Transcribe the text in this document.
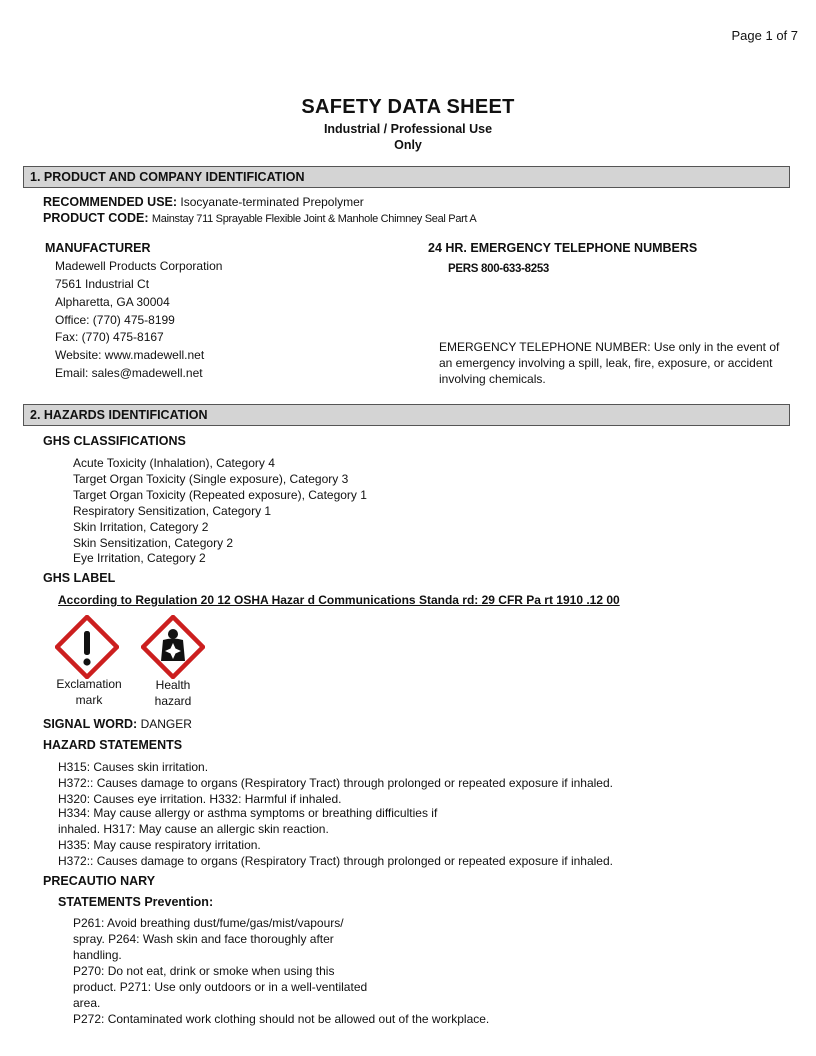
Page 1 of 7
SAFETY DATA SHEET
Industrial / Professional Use
Only
1. PRODUCT AND COMPANY IDENTIFICATION
RECOMMENDED USE: Isocyanate-terminated Prepolymer
PRODUCT CODE: Mainstay 711 Sprayable Flexible Joint & Manhole Chimney Seal Part A
MANUFACTURER
Madewell Products Corporation
7561 Industrial Ct
Alpharetta, GA 30004
Office: (770) 475-8199
Fax: (770) 475-8167
Website: www.madewell.net
Email: sales@madewell.net
24 HR. EMERGENCY TELEPHONE NUMBERS
PERS 800-633-8253
EMERGENCY TELEPHONE NUMBER: Use only in the event of an emergency involving a spill, leak, fire, exposure, or accident involving chemicals.
2. HAZARDS IDENTIFICATION
GHS CLASSIFICATIONS
Acute Toxicity (Inhalation), Category 4
Target Organ Toxicity (Single exposure), Category 3
Target Organ Toxicity (Repeated exposure), Category 1
Respiratory Sensitization, Category 1
Skin Irritation, Category 2
Skin Sensitization, Category 2
Eye Irritation, Category 2
GHS LABEL
According to Regulation 20 12 OSHA Hazar d Communications Standa rd: 29 CFR Pa rt 1910 .12 00
Exclamation
mark
Health
hazard
SIGNAL WORD: DANGER
HAZARD STATEMENTS
H315: Causes skin irritation.
H372:: Causes damage to organs (Respiratory Tract) through prolonged or repeated exposure if inhaled.
H320: Causes eye irritation. H332: Harmful if inhaled.
H334: May cause allergy or asthma symptoms or breathing difficulties if
inhaled. H317: May cause an allergic skin reaction.
H335: May cause respiratory irritation.
H372:: Causes damage to organs (Respiratory Tract) through prolonged or repeated exposure if inhaled.
PRECAUTIO NARY
STATEMENTS Prevention:
P261: Avoid breathing dust/fume/gas/mist/vapours/
spray. P264: Wash skin and face thoroughly after
handling.
P270: Do not eat, drink or smoke when using this
product. P271: Use only outdoors or in a well-ventilated
area.
P272: Contaminated work clothing should not be allowed out of the workplace.
